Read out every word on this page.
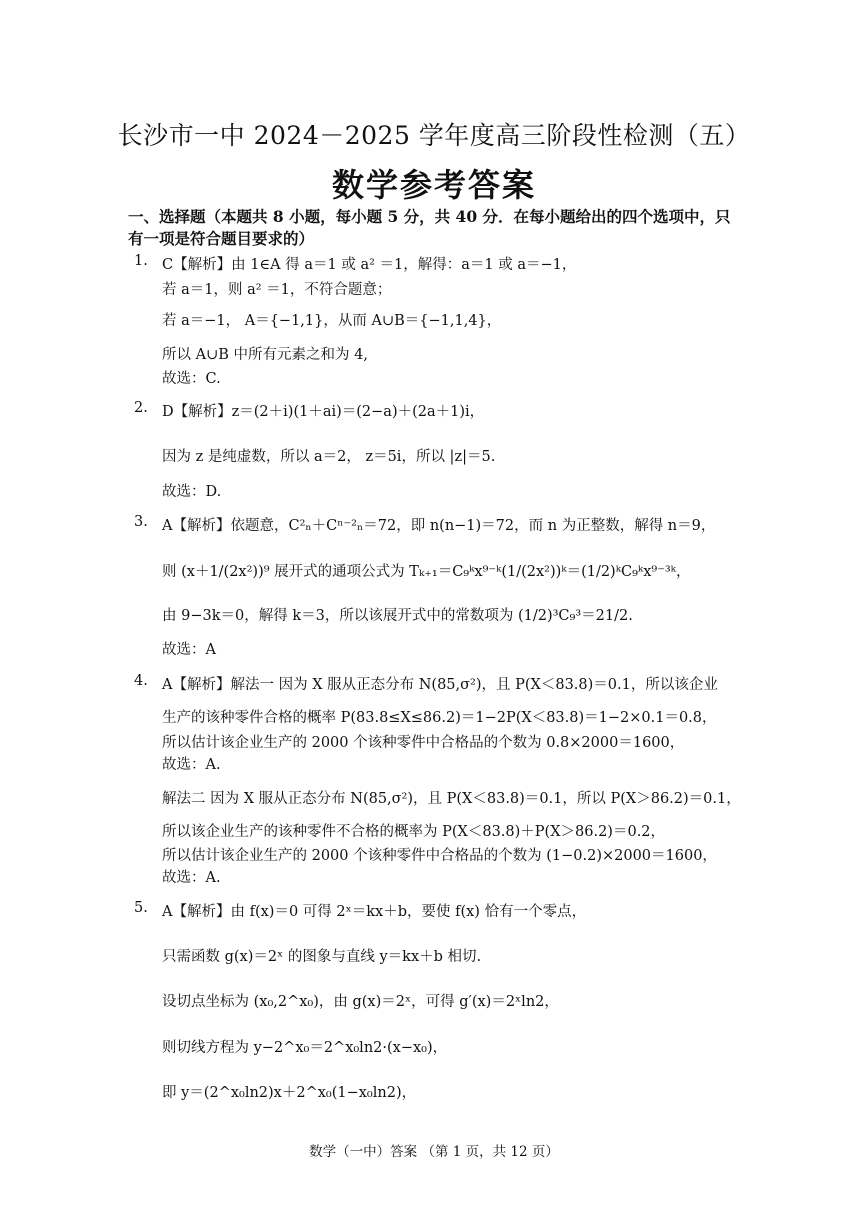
长沙市一中 2024－2025 学年度高三阶段性检测（五）
数学参考答案
一、选择题（本题共 8 小题，每小题 5 分，共 40 分．在每小题给出的四个选项中，只有一项是符合题目要求的）
1. C【解析】由 1∈A 得 a＝1 或 a² ＝1，解得：a＝1 或 a＝−1，
若 a＝1，则 a² ＝1，不符合题意；
若 a＝−1， A＝{−1,1}，从而 A∪B＝{−1,1,4}，
所以 A∪B 中所有元素之和为 4,
故选：C.
2. D【解析】z＝(2＋i)(1＋ai)＝(2−a)＋(2a＋1)i，
因为 z 是纯虚数，所以 a＝2， z＝5i，所以 |z|＝5.
故选：D.
3. A【解析】依题意，C²ₙ＋Cⁿ⁻²ₙ＝72，即 n(n−1)＝72，而 n 为正整数，解得 n＝9，
则 (x＋1/(2x²))⁹ 展开式的通项公式为 Tₖ₊₁＝C₉ᵏx⁹⁻ᵏ(1/(2x²))ᵏ＝(1/2)ᵏC₉ᵏx⁹⁻³ᵏ，
由 9−3k＝0，解得 k＝3，所以该展开式中的常数项为 (1/2)³C₉³＝21/2.
故选：A
4. A【解析】解法一 因为 X 服从正态分布 N(85,σ²)，且 P(X＜83.8)＝0.1，所以该企业
生产的该种零件合格的概率 P(83.8≤X≤86.2)＝1−2P(X＜83.8)＝1−2×0.1＝0.8，
所以估计该企业生产的 2000 个该种零件中合格品的个数为 0.8×2000＝1600，
故选：A.
解法二 因为 X 服从正态分布 N(85,σ²)，且 P(X＜83.8)＝0.1，所以 P(X＞86.2)＝0.1，
所以该企业生产的该种零件不合格的概率为 P(X＜83.8)＋P(X＞86.2)＝0.2，
所以估计该企业生产的 2000 个该种零件中合格品的个数为 (1−0.2)×2000＝1600，
故选：A.
5. A【解析】由 f(x)＝0 可得 2ˣ＝kx＋b，要使 f(x) 恰有一个零点，
只需函数 g(x)＝2ˣ 的图象与直线 y＝kx＋b 相切.
设切点坐标为 (x₀,2^x₀)，由 g(x)＝2ˣ，可得 g′(x)＝2ˣln2，
则切线方程为 y−2^x₀＝2^x₀ln2·(x−x₀)，
即 y＝(2^x₀ln2)x＋2^x₀(1−x₀ln2)，
数学（一中）答案 （第 1 页，共 12 页）
